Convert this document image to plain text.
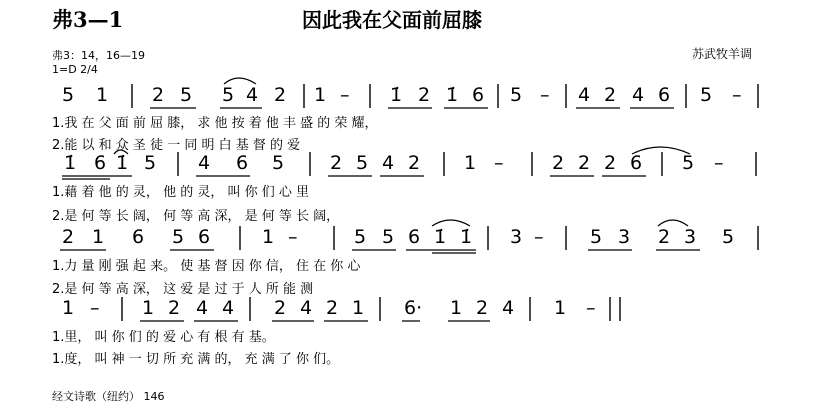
弗3—1	因此我在父面前屈膝
弗3：14，16—19
1=D 2/4
苏武牧羊调
5 1 2 5 5 4 2 1 – 1̇ 2 1̇ 6 5 – 4 2 4 6 5 –
1.我 在 父 面 前 屈 膝， 求 他 按 着 他 丰 盛 的 荣 耀，
2.能 以 和 众 圣 徒 一 同 明 白 基 督 的 爱
1̇ 6 1̇ 5 4 6 5 2 5 4 2 1 –	2 2 2 6 5 –
1.藉 着 他 的 灵， 他 的 灵， 叫 你 们 心 里
2.是 何 等 长 阔， 何 等 高 深， 是 何 等 长 阔，
2 1 6 5 6	1 –	5 5 6 1̇ 1̇ 3 – 5 3 2 3 5
1.力 量 刚 强 起 来。 使 基 督 因 你 信， 住 在 你 心
2.是 何 等 高 深， 这 爱 是 过 于 人 所 能 测
1 – 1 2 4 4 2 4 2 1 6· 1 2 4 1 –
1.里， 叫 你 们 的 爱 心 有 根 有 基。
1.度， 叫 神 一 切 所 充 满 的， 充 满 了 你 们。
经文诗歌（纽约） 146
